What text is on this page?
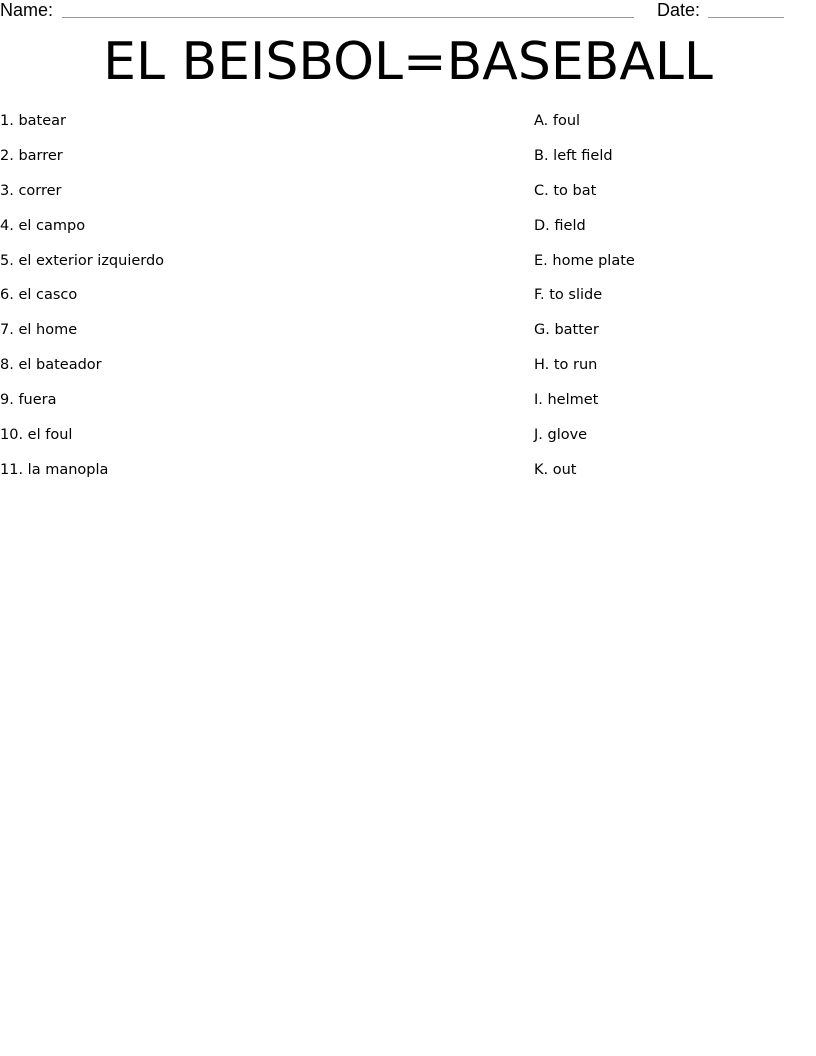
Name:	Date:
EL BEISBOL=BASEBALL
1. batear
2. barrer
3. correr
4. el campo
5. el exterior izquierdo
6. el casco
7. el home
8. el bateador
9. fuera
10. el foul
11. la manopla
A. foul
B. left field
C. to bat
D. field
E. home plate
F. to slide
G. batter
H. to run
I. helmet
J. glove
K. out
